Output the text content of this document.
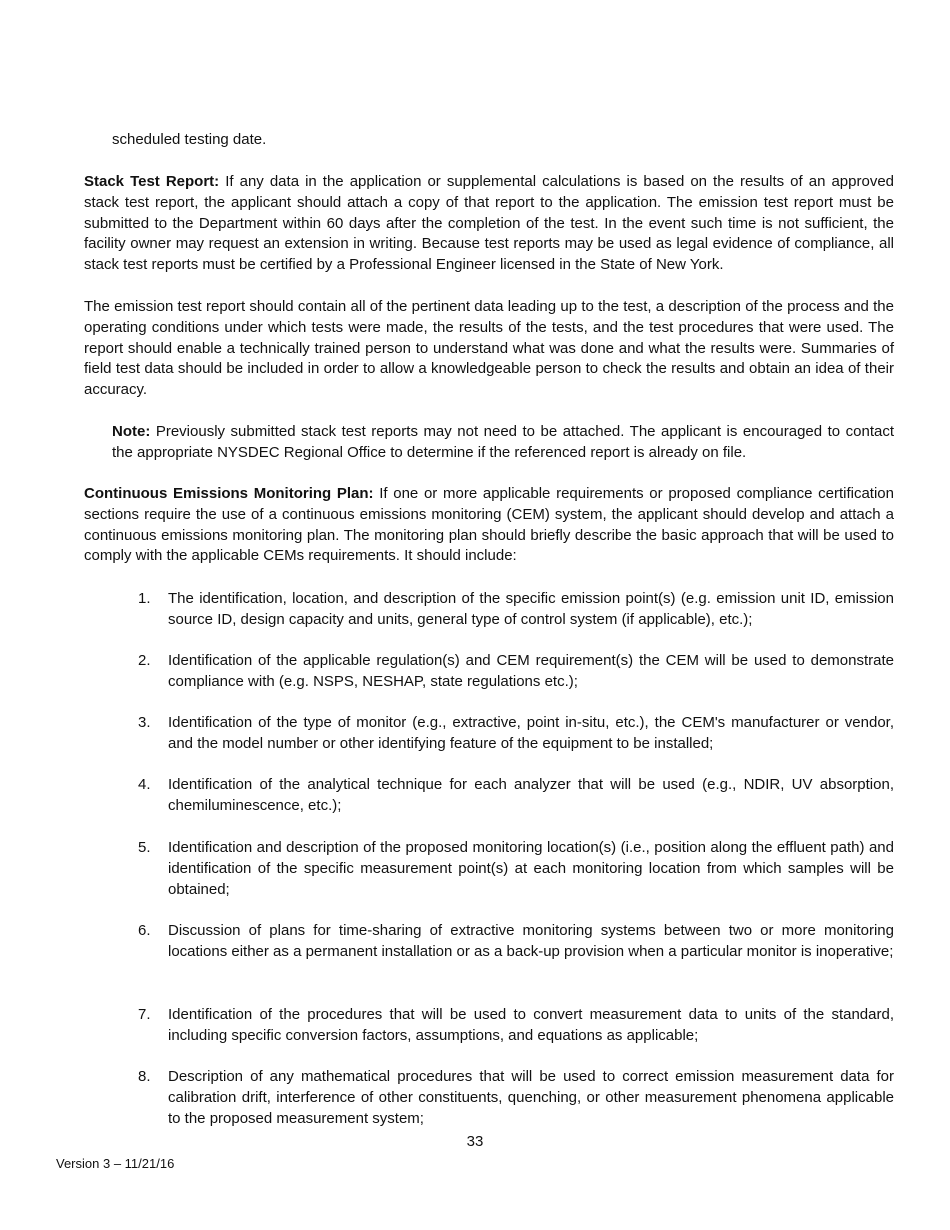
scheduled testing date.
Stack Test Report: If any data in the application or supplemental calculations is based on the results of an approved stack test report, the applicant should attach a copy of that report to the application. The emission test report must be submitted to the Department within 60 days after the completion of the test. In the event such time is not sufficient, the facility owner may request an extension in writing. Because test reports may be used as legal evidence of compliance, all stack test reports must be certified by a Professional Engineer licensed in the State of New York.
The emission test report should contain all of the pertinent data leading up to the test, a description of the process and the operating conditions under which tests were made, the results of the tests, and the test procedures that were used. The report should enable a technically trained person to understand what was done and what the results were. Summaries of field test data should be included in order to allow a knowledgeable person to check the results and obtain an idea of their accuracy.
Note: Previously submitted stack test reports may not need to be attached. The applicant is encouraged to contact the appropriate NYSDEC Regional Office to determine if the referenced report is already on file.
Continuous Emissions Monitoring Plan: If one or more applicable requirements or proposed compliance certification sections require the use of a continuous emissions monitoring (CEM) system, the applicant should develop and attach a continuous emissions monitoring plan. The monitoring plan should briefly describe the basic approach that will be used to comply with the applicable CEMs requirements. It should include:
1.	The identification, location, and description of the specific emission point(s) (e.g. emission unit ID, emission source ID, design capacity and units, general type of control system (if applicable), etc.);
2.	Identification of the applicable regulation(s) and CEM requirement(s) the CEM will be used to demonstrate compliance with (e.g. NSPS, NESHAP, state regulations etc.);
3.	Identification of the type of monitor (e.g., extractive, point in-situ, etc.), the CEM's manufacturer or vendor, and the model number or other identifying feature of the equipment to be installed;
4.	Identification of the analytical technique for each analyzer that will be used (e.g., NDIR, UV absorption, chemiluminescence, etc.);
5.	Identification and description of the proposed monitoring location(s) (i.e., position along the effluent path) and identification of the specific measurement point(s) at each monitoring location from which samples will be obtained;
6.	Discussion of plans for time-sharing of extractive monitoring systems between two or more monitoring locations either as a permanent installation or as a back-up provision when a particular monitor is inoperative;
7.	Identification of the procedures that will be used to convert measurement data to units of the standard, including specific conversion factors, assumptions, and equations as applicable;
8.	Description of any mathematical procedures that will be used to correct emission measurement data for calibration drift, interference of other constituents, quenching, or other measurement phenomena applicable to the proposed measurement system;
33
Version 3 – 11/21/16
